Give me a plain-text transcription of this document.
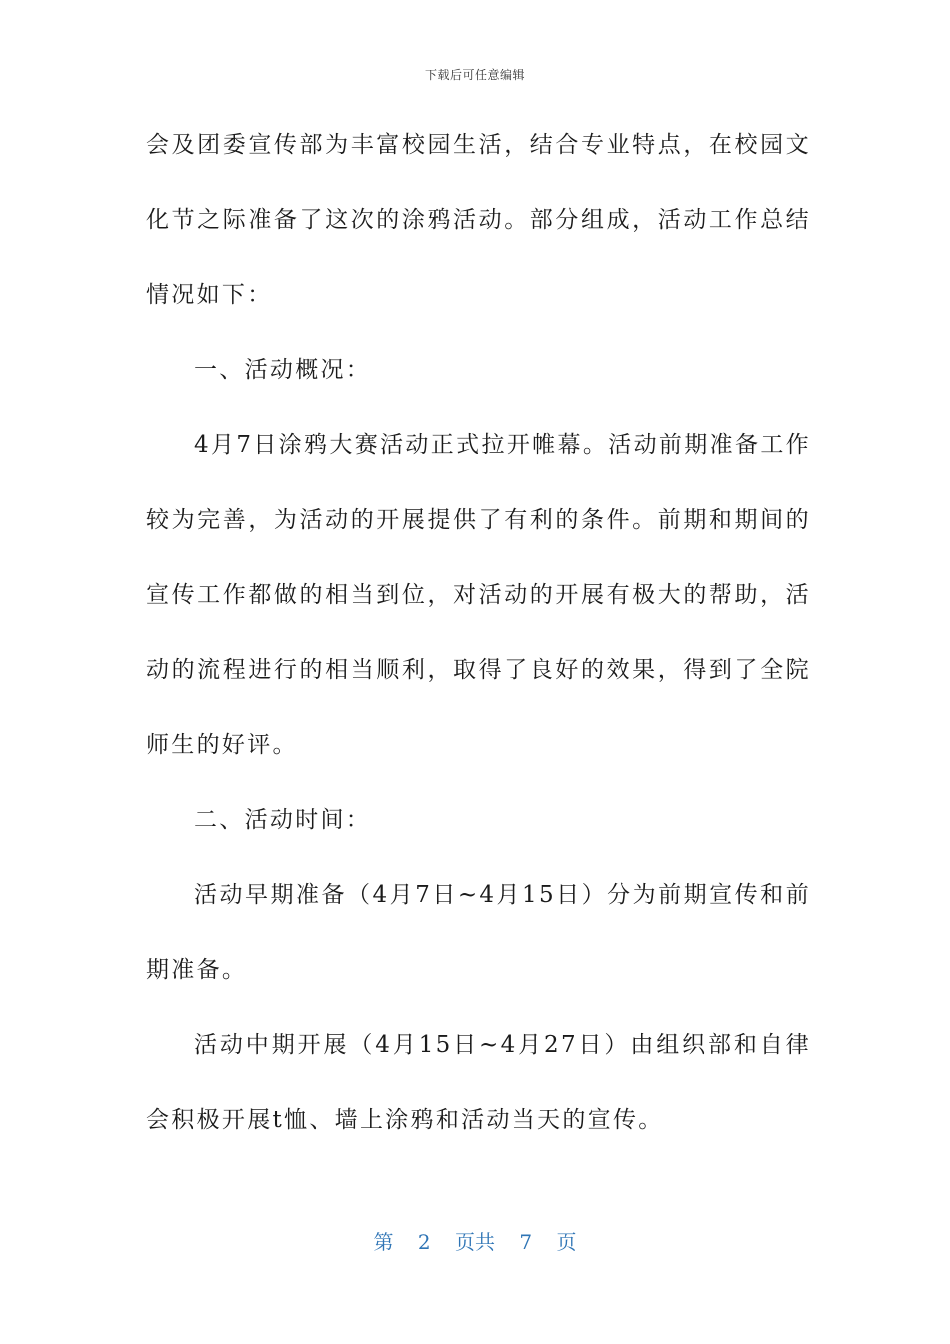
下载后可任意编辑

会及团委宣传部为丰富校园生活，结合专业特点，在校园文化节之际准备了这次的涂鸦活动。部分组成，活动工作总结情况如下：

一、活动概况：

4月7日涂鸦大赛活动正式拉开帷幕。活动前期准备工作较为完善，为活动的开展提供了有利的条件。前期和期间的宣传工作都做的相当到位，对活动的开展有极大的帮助，活动的流程进行的相当顺利，取得了良好的效果，得到了全院师生的好评。

二、活动时间：

活动早期准备（4月7日~4月15日）分为前期宣传和前期准备。

活动中期开展（4月15日~4月27日）由组织部和自律会积极开展t恤、墙上涂鸦和活动当天的宣传。

第 2 页共 7 页
